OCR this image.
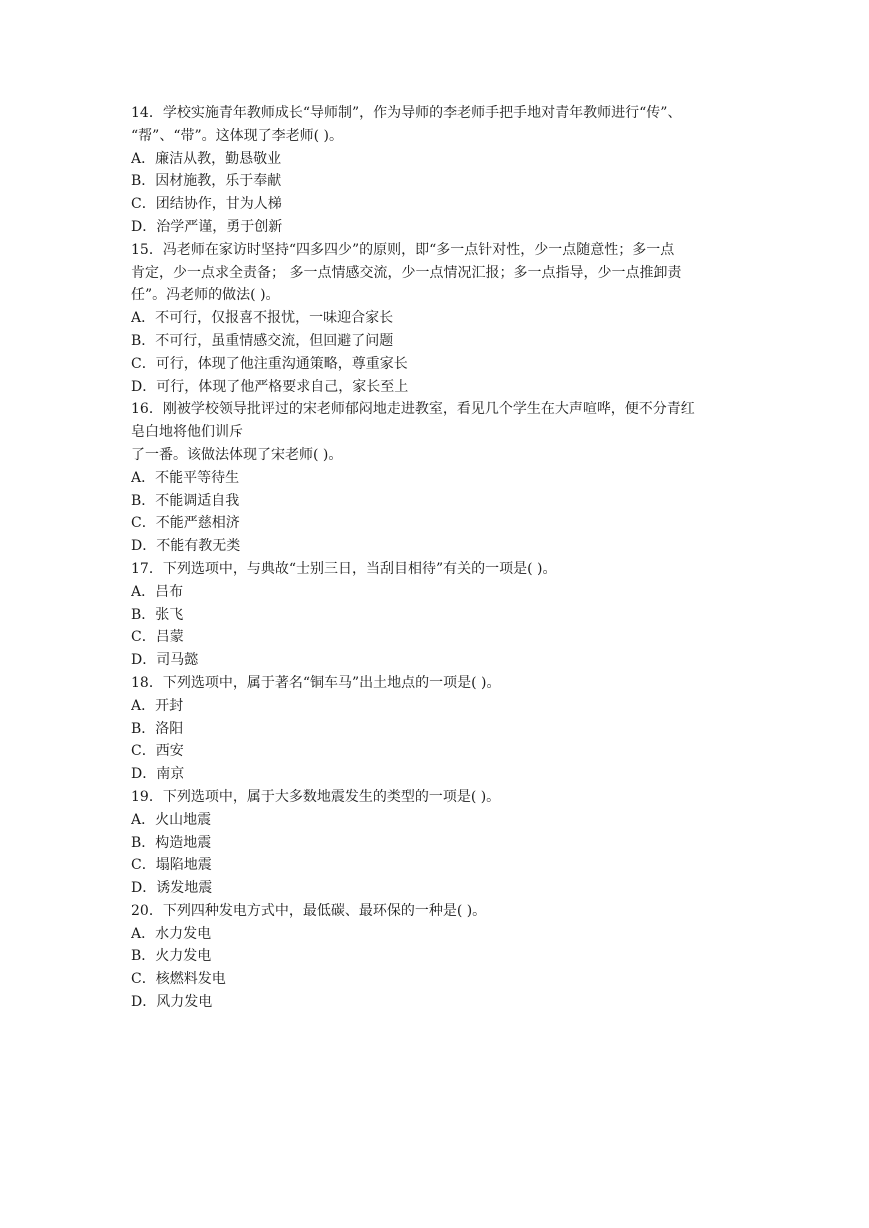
14．学校实施青年教师成长“导师制”，作为导师的李老师手把手地对青年教师进行“传”、
“帮”、“带”。这体现了李老师( )。
A．廉洁从教，勤恳敬业
B．因材施教，乐于奉献
C．团结协作，甘为人梯
D．治学严谨，勇于创新
15．冯老师在家访时坚持“四多四少”的原则，即“多一点针对性，少一点随意性；多一点
肯定，少一点求全责备； 多一点情感交流，少一点情况汇报；多一点指导，少一点推卸责
任”。冯老师的做法( )。
A．不可行，仅报喜不报忧，一味迎合家长
B．不可行，虽重情感交流，但回避了问题
C．可行，体现了他注重沟通策略，尊重家长
D．可行，体现了他严格要求自己，家长至上
16．刚被学校领导批评过的宋老师郁闷地走进教室，看见几个学生在大声喧哗，便不分青红
皂白地将他们训斥
了一番。该做法体现了宋老师( )。
A．不能平等待生
B．不能调适自我
C．不能严慈相济
D．不能有教无类
17．下列选项中，与典故“士别三日，当刮目相待”有关的一项是( )。
A．吕布
B．张飞
C．吕蒙
D．司马懿
18．下列选项中，属于著名“铜车马”出土地点的一项是( )。
A．开封
B．洛阳
C．西安
D．南京
19．下列选项中，属于大多数地震发生的类型的一项是( )。
A．火山地震
B．构造地震
C．塌陷地震
D．诱发地震
20．下列四种发电方式中，最低碳、最环保的一种是( )。
A．水力发电
B．火力发电
C．核燃料发电
D．风力发电
